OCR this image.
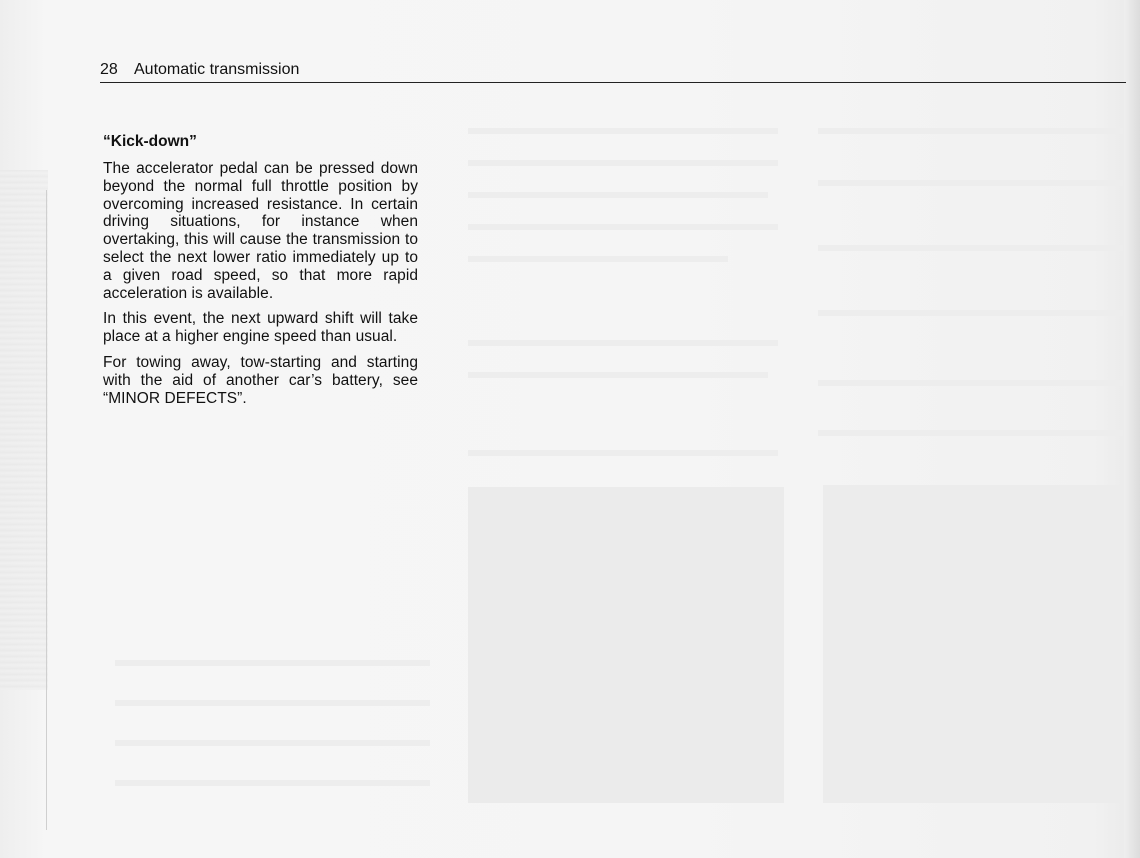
28 Automatic transmission
“Kick-down”

The accelerator pedal can be pressed down beyond the normal full throttle position by overcoming increased resistance. In certain driving situations, for instance when overtaking, this will cause the transmission to select the next lower ratio immediately up to a given road speed, so that more rapid acceleration is available.

In this event, the next upward shift will take place at a higher engine speed than usual.

For towing away, tow-starting and starting with the aid of another car’s battery, see “MINOR DEFECTS”.
